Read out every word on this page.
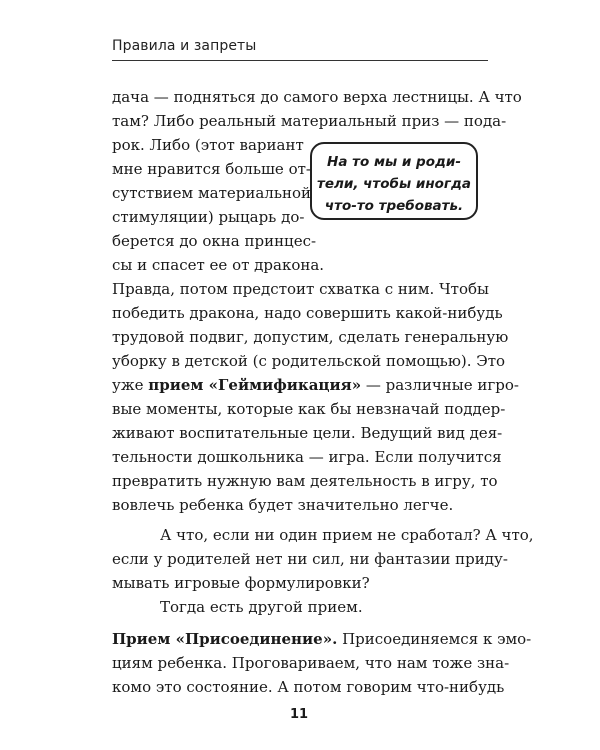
Правила и запреты
На то мы и роди-
тели, чтобы иногда
что-то требовать.
дача — подняться до самого верха лестницы. А что
там? Либо реальный материальный приз — пода-
рок. Либо (этот вариант
мне нравится больше от-
сутствием материальной
стимуляции) рыцарь до-
берется до окна принцес-
сы и спасет ее от дракона.
Правда, потом предстоит схватка с ним. Чтобы
победить дракона, надо совершить какой-нибудь
трудовой подвиг, допустим, сделать генеральную
уборку в детской (с родительской помощью). Это
уже прием «Геймификация» — различные игро-
вые моменты, которые как бы невзначай поддер-
живают воспитательные цели. Ведущий вид дея-
тельности дошкольника — игра. Если получится
превратить нужную вам деятельность в игру, то
вовлечь ребенка будет значительно легче.
А что, если ни один прием не сработал? А что,
если у родителей нет ни сил, ни фантазии приду-
мывать игровые формулировки?
Тогда есть другой прием.
Прием «Присоединение». Присоединяемся к эмо-
циям ребенка. Проговариваем, что нам тоже зна-
комо это состояние. А потом говорим что-нибудь
11
